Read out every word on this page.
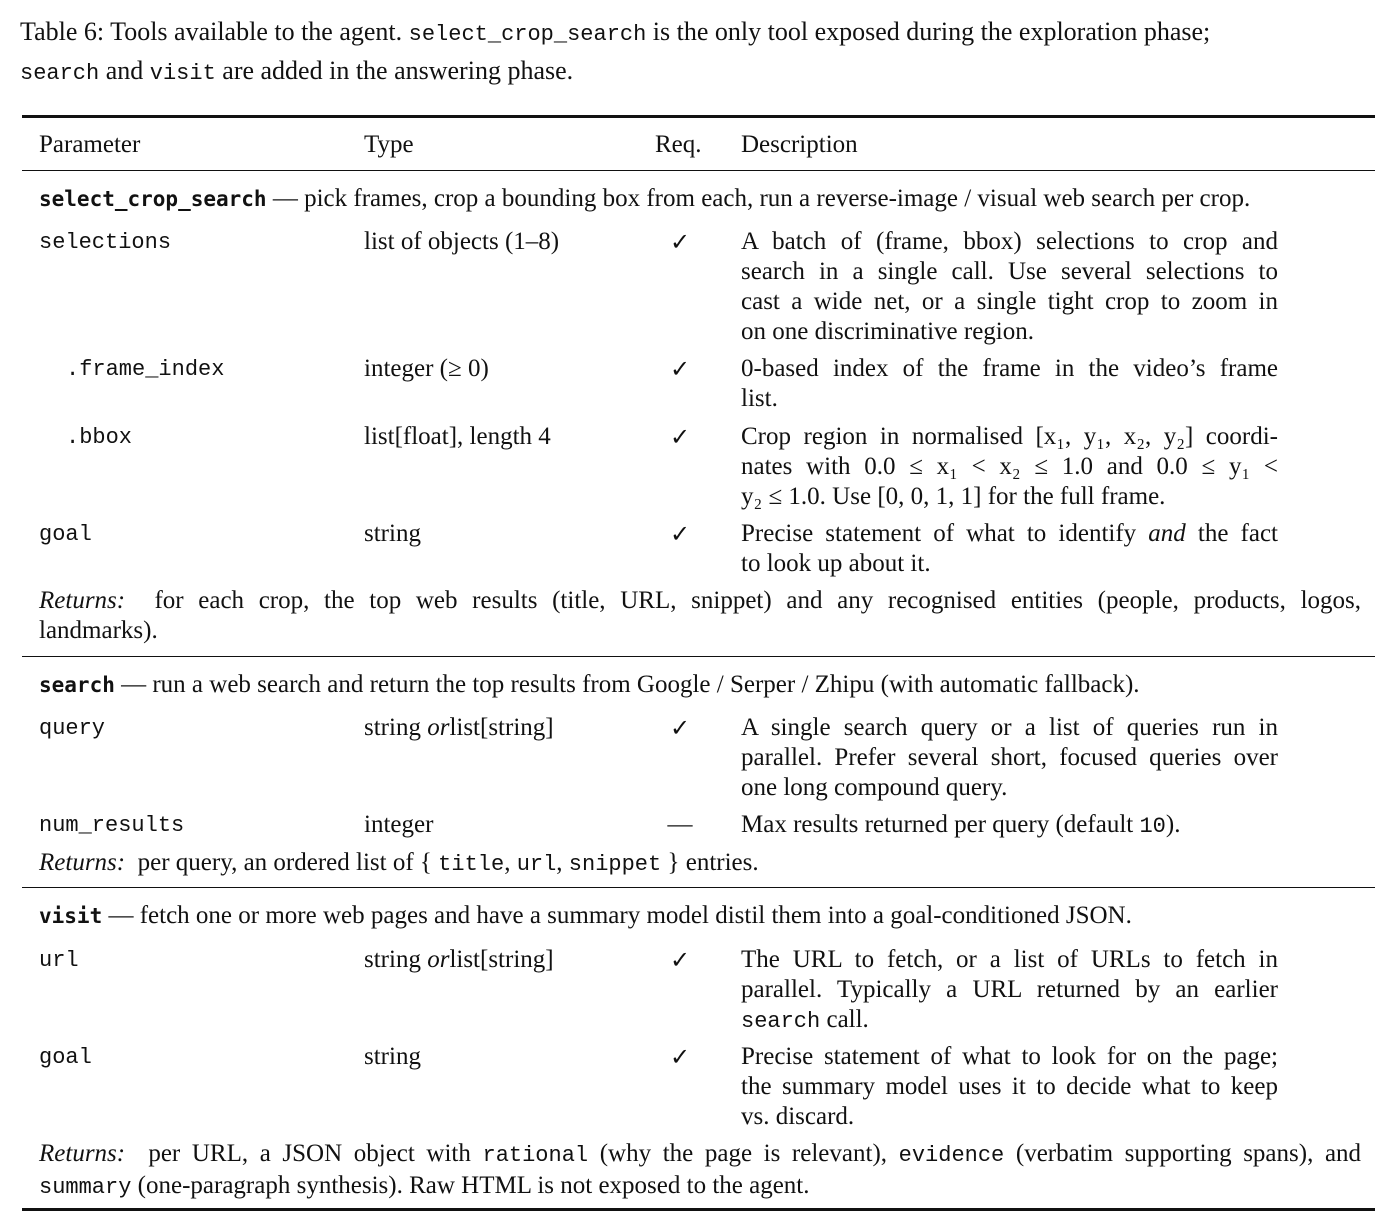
Table 6: Tools available to the agent. select_crop_search is the only tool exposed during the exploration phase;
search and visit are added in the answering phase.
Parameter	Type	Req. Description
select_crop_search — pick frames, crop a bounding box from each, run a reverse-image / visual web search per crop.
selections	list of objects (1–8)	✓ A batch of (frame, bbox) selections to crop and
search in a single call. Use several selections to
cast a wide net, or a single tight crop to zoom in
on one discriminative region.
.frame_index	integer (≥ 0)	✓ 0-based index of the frame in the video’s frame
list.
.bbox	list[float], length 4	✓ Crop region in normalised [x₁, y₁, x₂, y₂] coordi-
nates with 0.0 ≤ x₁ < x₂ ≤ 1.0 and 0.0 ≤ y₁ <
y₂ ≤ 1.0. Use [0, 0, 1, 1] for the full frame.
goal	string	✓ Precise statement of what to identify and the fact
to look up about it.
Returns: for each crop, the top web results (title, URL, snippet) and any recognised entities (people, products, logos,
landmarks).
search — run a web search and return the top results from Google / Serper / Zhipu (with automatic fallback).
query	string orlist[string]	✓ A single search query or a list of queries run in
parallel. Prefer several short, focused queries over
one long compound query.
num_results	integer	— Max results returned per query (default 10).
Returns: per query, an ordered list of { title, url, snippet } entries.
visit — fetch one or more web pages and have a summary model distil them into a goal-conditioned JSON.
url	string orlist[string]	✓ The URL to fetch, or a list of URLs to fetch in
parallel. Typically a URL returned by an earlier
search call.
goal	string	✓ Precise statement of what to look for on the page;
the summary model uses it to decide what to keep
vs. discard.
Returns: per URL, a JSON object with rational (why the page is relevant), evidence (verbatim supporting spans), and
summary (one-paragraph synthesis). Raw HTML is not exposed to the agent.
